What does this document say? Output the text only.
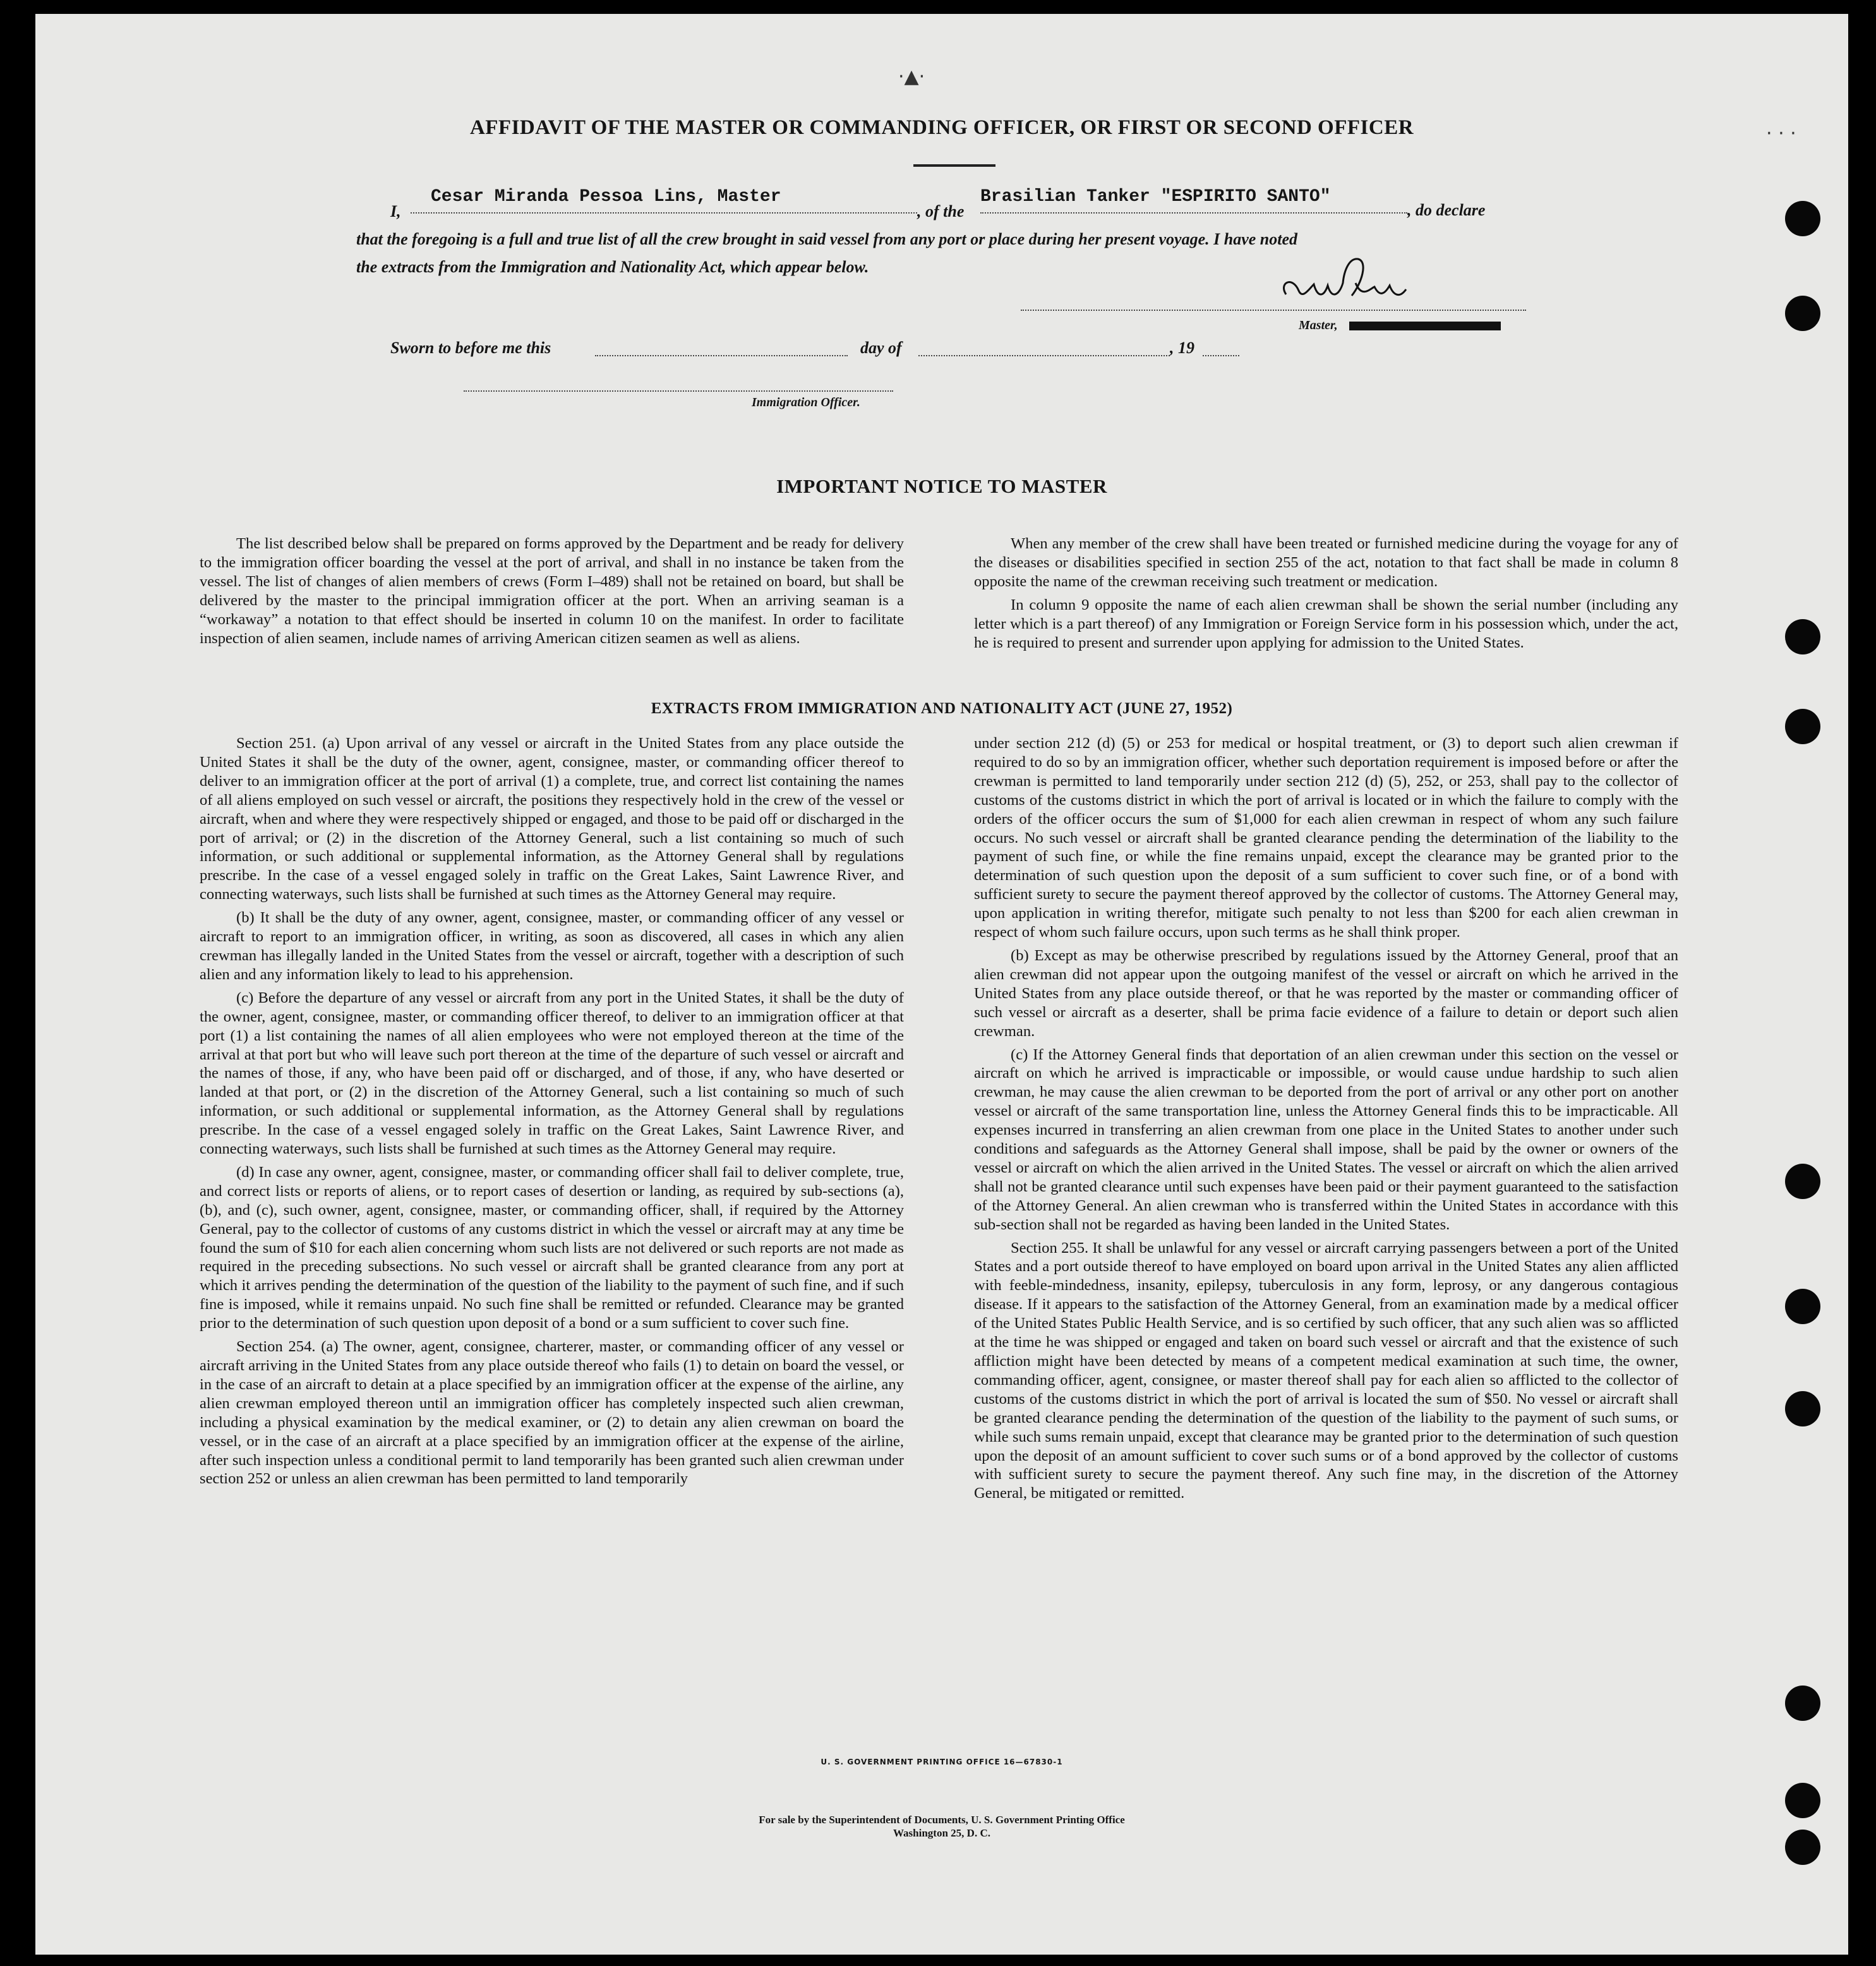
·▲·
· · ·
AFFIDAVIT OF THE MASTER OR COMMANDING OFFICER, OR FIRST OR SECOND OFFICER
I,
Cesar Miranda Pessoa Lins, Master
, of the
Brasilian Tanker "ESPIRITO SANTO"
, do declare
that the foregoing is a full and true list of all the crew brought in said vessel from any port or place during her present voyage. I have noted
the extracts from the Immigration and Nationality Act, which appear below.
Master,
Sworn to before me this	day of	, 19
Immigration Officer.
IMPORTANT NOTICE TO MASTER

The list described below shall be prepared on forms approved by the Department and be ready for delivery to the immigration officer boarding the vessel at the port of arrival, and shall in no instance be taken from the vessel. The list of changes of alien members of crews (Form I–489) shall not be retained on board, but shall be delivered by the master to the principal immigration officer at the port. When an arriving seaman is a “workaway” a notation to that effect should be inserted in column 10 on the manifest. In order to facilitate inspection of alien seamen, include names of arriving American citizen seamen as well as aliens.

When any member of the crew shall have been treated or furnished medicine during the voyage for any of the diseases or disabilities specified in section 255 of the act, notation to that fact shall be made in column 8 opposite the name of the crewman receiving such treatment or medication.

In column 9 opposite the name of each alien crewman shall be shown the serial number (including any letter which is a part thereof) of any Immigration or Foreign Service form in his possession which, under the act, he is required to present and surrender upon applying for admission to the United States.

EXTRACTS FROM IMMIGRATION AND NATIONALITY ACT (JUNE 27, 1952)

Section 251. (a) Upon arrival of any vessel or aircraft in the United States from any place outside the United States it shall be the duty of the owner, agent, consignee, master, or commanding officer thereof to deliver to an immigration officer at the port of arrival (1) a complete, true, and correct list containing the names of all aliens employed on such vessel or aircraft, the positions they respectively hold in the crew of the vessel or aircraft, when and where they were respectively shipped or engaged, and those to be paid off or discharged in the port of arrival; or (2) in the discretion of the Attorney General, such a list containing so much of such information, or such additional or supplemental information, as the Attorney General shall by regulations prescribe. In the case of a vessel engaged solely in traffic on the Great Lakes, Saint Lawrence River, and connecting waterways, such lists shall be furnished at such times as the Attorney General may require.

(b) It shall be the duty of any owner, agent, consignee, master, or commanding officer of any vessel or aircraft to report to an immigration officer, in writing, as soon as discovered, all cases in which any alien crewman has illegally landed in the United States from the vessel or aircraft, together with a description of such alien and any information likely to lead to his apprehension.

(c) Before the departure of any vessel or aircraft from any port in the United States, it shall be the duty of the owner, agent, consignee, master, or commanding officer thereof, to deliver to an immigration officer at that port (1) a list containing the names of all alien employees who were not employed thereon at the time of the arrival at that port but who will leave such port thereon at the time of the departure of such vessel or aircraft and the names of those, if any, who have been paid off or discharged, and of those, if any, who have deserted or landed at that port, or (2) in the discretion of the Attorney General, such a list containing so much of such information, or such additional or supplemental information, as the Attorney General shall by regulations prescribe. In the case of a vessel engaged solely in traffic on the Great Lakes, Saint Lawrence River, and connecting waterways, such lists shall be furnished at such times as the Attorney General may require.

(d) In case any owner, agent, consignee, master, or commanding officer shall fail to deliver complete, true, and correct lists or reports of aliens, or to report cases of desertion or landing, as required by sub-sections (a), (b), and (c), such owner, agent, consignee, master, or commanding officer, shall, if required by the Attorney General, pay to the collector of customs of any customs district in which the vessel or aircraft may at any time be found the sum of $10 for each alien concerning whom such lists are not delivered or such reports are not made as required in the preceding subsections. No such vessel or aircraft shall be granted clearance from any port at which it arrives pending the determination of the question of the liability to the payment of such fine, and if such fine is imposed, while it remains unpaid. No such fine shall be remitted or refunded. Clearance may be granted prior to the determination of such question upon deposit of a bond or a sum sufficient to cover such fine.

Section 254. (a) The owner, agent, consignee, charterer, master, or commanding officer of any vessel or aircraft arriving in the United States from any place outside thereof who fails (1) to detain on board the vessel, or in the case of an aircraft to detain at a place specified by an immigration officer at the expense of the airline, any alien crewman employed thereon until an immigration officer has completely inspected such alien crewman, including a physical examination by the medical examiner, or (2) to detain any alien crewman on board the vessel, or in the case of an aircraft at a place specified by an immigration officer at the expense of the airline, after such inspection unless a conditional permit to land temporarily has been granted such alien crewman under section 252 or unless an alien crewman has been permitted to land temporarily

under section 212 (d) (5) or 253 for medical or hospital treatment, or (3) to deport such alien crewman if required to do so by an immigration officer, whether such deportation requirement is imposed before or after the crewman is permitted to land temporarily under section 212 (d) (5), 252, or 253, shall pay to the collector of customs of the customs district in which the port of arrival is located or in which the failure to comply with the orders of the officer occurs the sum of $1,000 for each alien crewman in respect of whom any such failure occurs. No such vessel or aircraft shall be granted clearance pending the determination of the liability to the payment of such fine, or while the fine remains unpaid, except the clearance may be granted prior to the determination of such question upon the deposit of a sum sufficient to cover such fine, or of a bond with sufficient surety to secure the payment thereof approved by the collector of customs. The Attorney General may, upon application in writing therefor, mitigate such penalty to not less than $200 for each alien crewman in respect of whom such failure occurs, upon such terms as he shall think proper.

(b) Except as may be otherwise prescribed by regulations issued by the Attorney General, proof that an alien crewman did not appear upon the outgoing manifest of the vessel or aircraft on which he arrived in the United States from any place outside thereof, or that he was reported by the master or commanding officer of such vessel or aircraft as a deserter, shall be prima facie evidence of a failure to detain or deport such alien crewman.

(c) If the Attorney General finds that deportation of an alien crewman under this section on the vessel or aircraft on which he arrived is impracticable or impossible, or would cause undue hardship to such alien crewman, he may cause the alien crewman to be deported from the port of arrival or any other port on another vessel or aircraft of the same transportation line, unless the Attorney General finds this to be impracticable. All expenses incurred in transferring an alien crewman from one place in the United States to another under such conditions and safeguards as the Attorney General shall impose, shall be paid by the owner or owners of the vessel or aircraft on which the alien arrived in the United States. The vessel or aircraft on which the alien arrived shall not be granted clearance until such expenses have been paid or their payment guaranteed to the satisfaction of the Attorney General. An alien crewman who is transferred within the United States in accordance with this sub-section shall not be regarded as having been landed in the United States.

Section 255. It shall be unlawful for any vessel or aircraft carrying passengers between a port of the United States and a port outside thereof to have employed on board upon arrival in the United States any alien afflicted with feeble-mindedness, insanity, epilepsy, tuberculosis in any form, leprosy, or any dangerous contagious disease. If it appears to the satisfaction of the Attorney General, from an examination made by a medical officer of the United States Public Health Service, and is so certified by such officer, that any such alien was so afflicted at the time he was shipped or engaged and taken on board such vessel or aircraft and that the existence of such affliction might have been detected by means of a competent medical examination at such time, the owner, commanding officer, agent, consignee, or master thereof shall pay for each alien so afflicted to the collector of customs of the customs district in which the port of arrival is located the sum of $50. No vessel or aircraft shall be granted clearance pending the determination of the question of the liability to the payment of such sums, or while such sums remain unpaid, except that clearance may be granted prior to the determination of such question upon the deposit of an amount sufficient to cover such sums or of a bond approved by the collector of customs with sufficient surety to secure the payment thereof. Any such fine may, in the discretion of the Attorney General, be mitigated or remitted.

U. S. GOVERNMENT PRINTING OFFICE 16—67830-1
For sale by the Superintendent of Documents, U. S. Government Printing Office
Washington 25, D. C.
